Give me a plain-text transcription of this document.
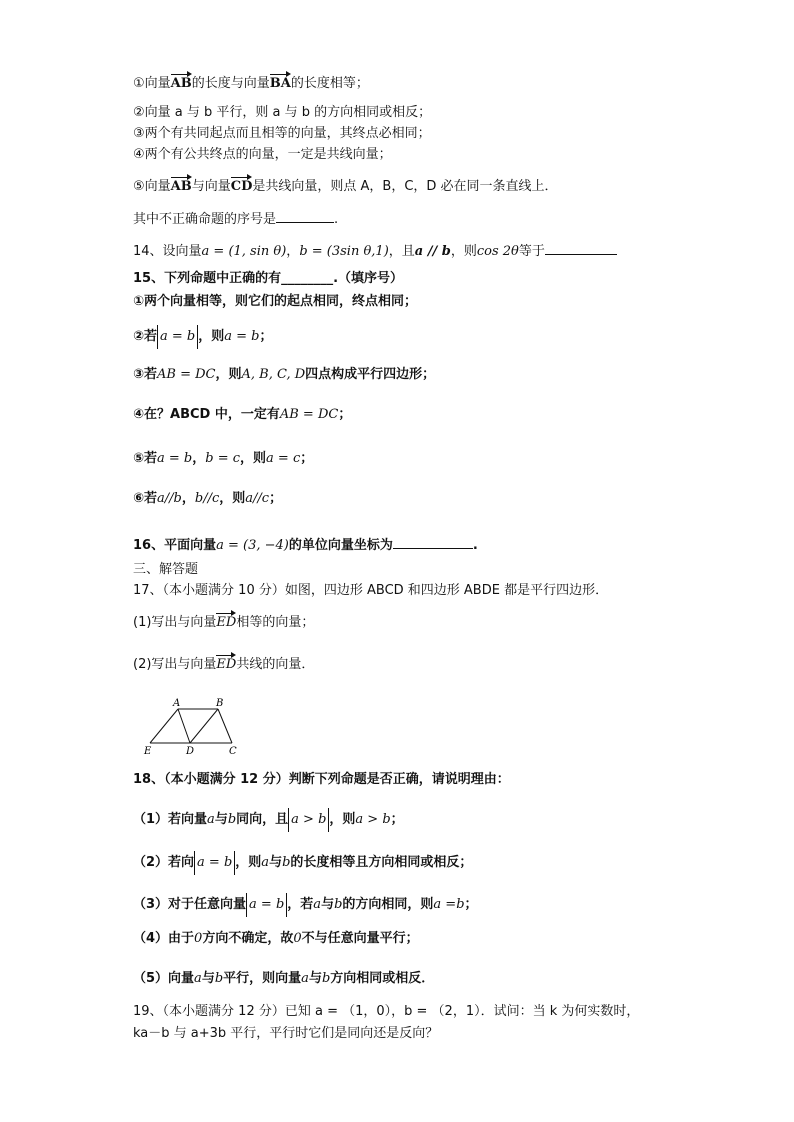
①向量AB的长度与向量BA的长度相等；
②向量 a 与 b 平行，则 a 与 b 的方向相同或相反；
③两个有共同起点而且相等的向量，其终点必相同；
④两个有公共终点的向量，一定是共线向量；
⑤向量AB与向量CD是共线向量，则点 A，B，C，D 必在同一条直线上．
其中不正确命题的序号是	.
14、设向量a = (1, sin θ)，b = (3sin θ,1)，且a // b，则cos 2θ等于
15、下列命题中正确的有________.（填序号）
①两个向量相等，则它们的起点相同，终点相同；
②若 a = b ，则a = b；
③若AB = DC，则A, B, C, D四点构成平行四边形；
④在？ABCD 中，一定有AB = DC；
⑤若a = b，b = c，则a = c；
⑥若a//b，b//c，则a//c；
16、平面向量a = (3, −4)的单位向量坐标为	.
三、解答题
17、（本小题满分 10 分）如图，四边形 ABCD 和四边形 ABDE 都是平行四边形．
(1)写出与向量ED相等的向量；
(2)写出与向量ED共线的向量．
A	B
E	D	C
18、（本小题满分 12 分）判断下列命题是否正确，请说明理由：
（1）若向量a与b同向，且 a > b ，则a > b；
（2）若向 a = b ，则a与b的长度相等且方向相同或相反；
（3）对于任意向量 a = b ，若a与b的方向相同，则a =b；
（4）由于0方向不确定，故0不与任意向量平行；
（5）向量a与b平行，则向量a与b方向相同或相反．
19、（本小题满分 12 分）已知 a = （1，0），b = （2，1）．试问：当 k 为何实数时，
ka－b 与 a+3b 平行，平行时它们是同向还是反向？
